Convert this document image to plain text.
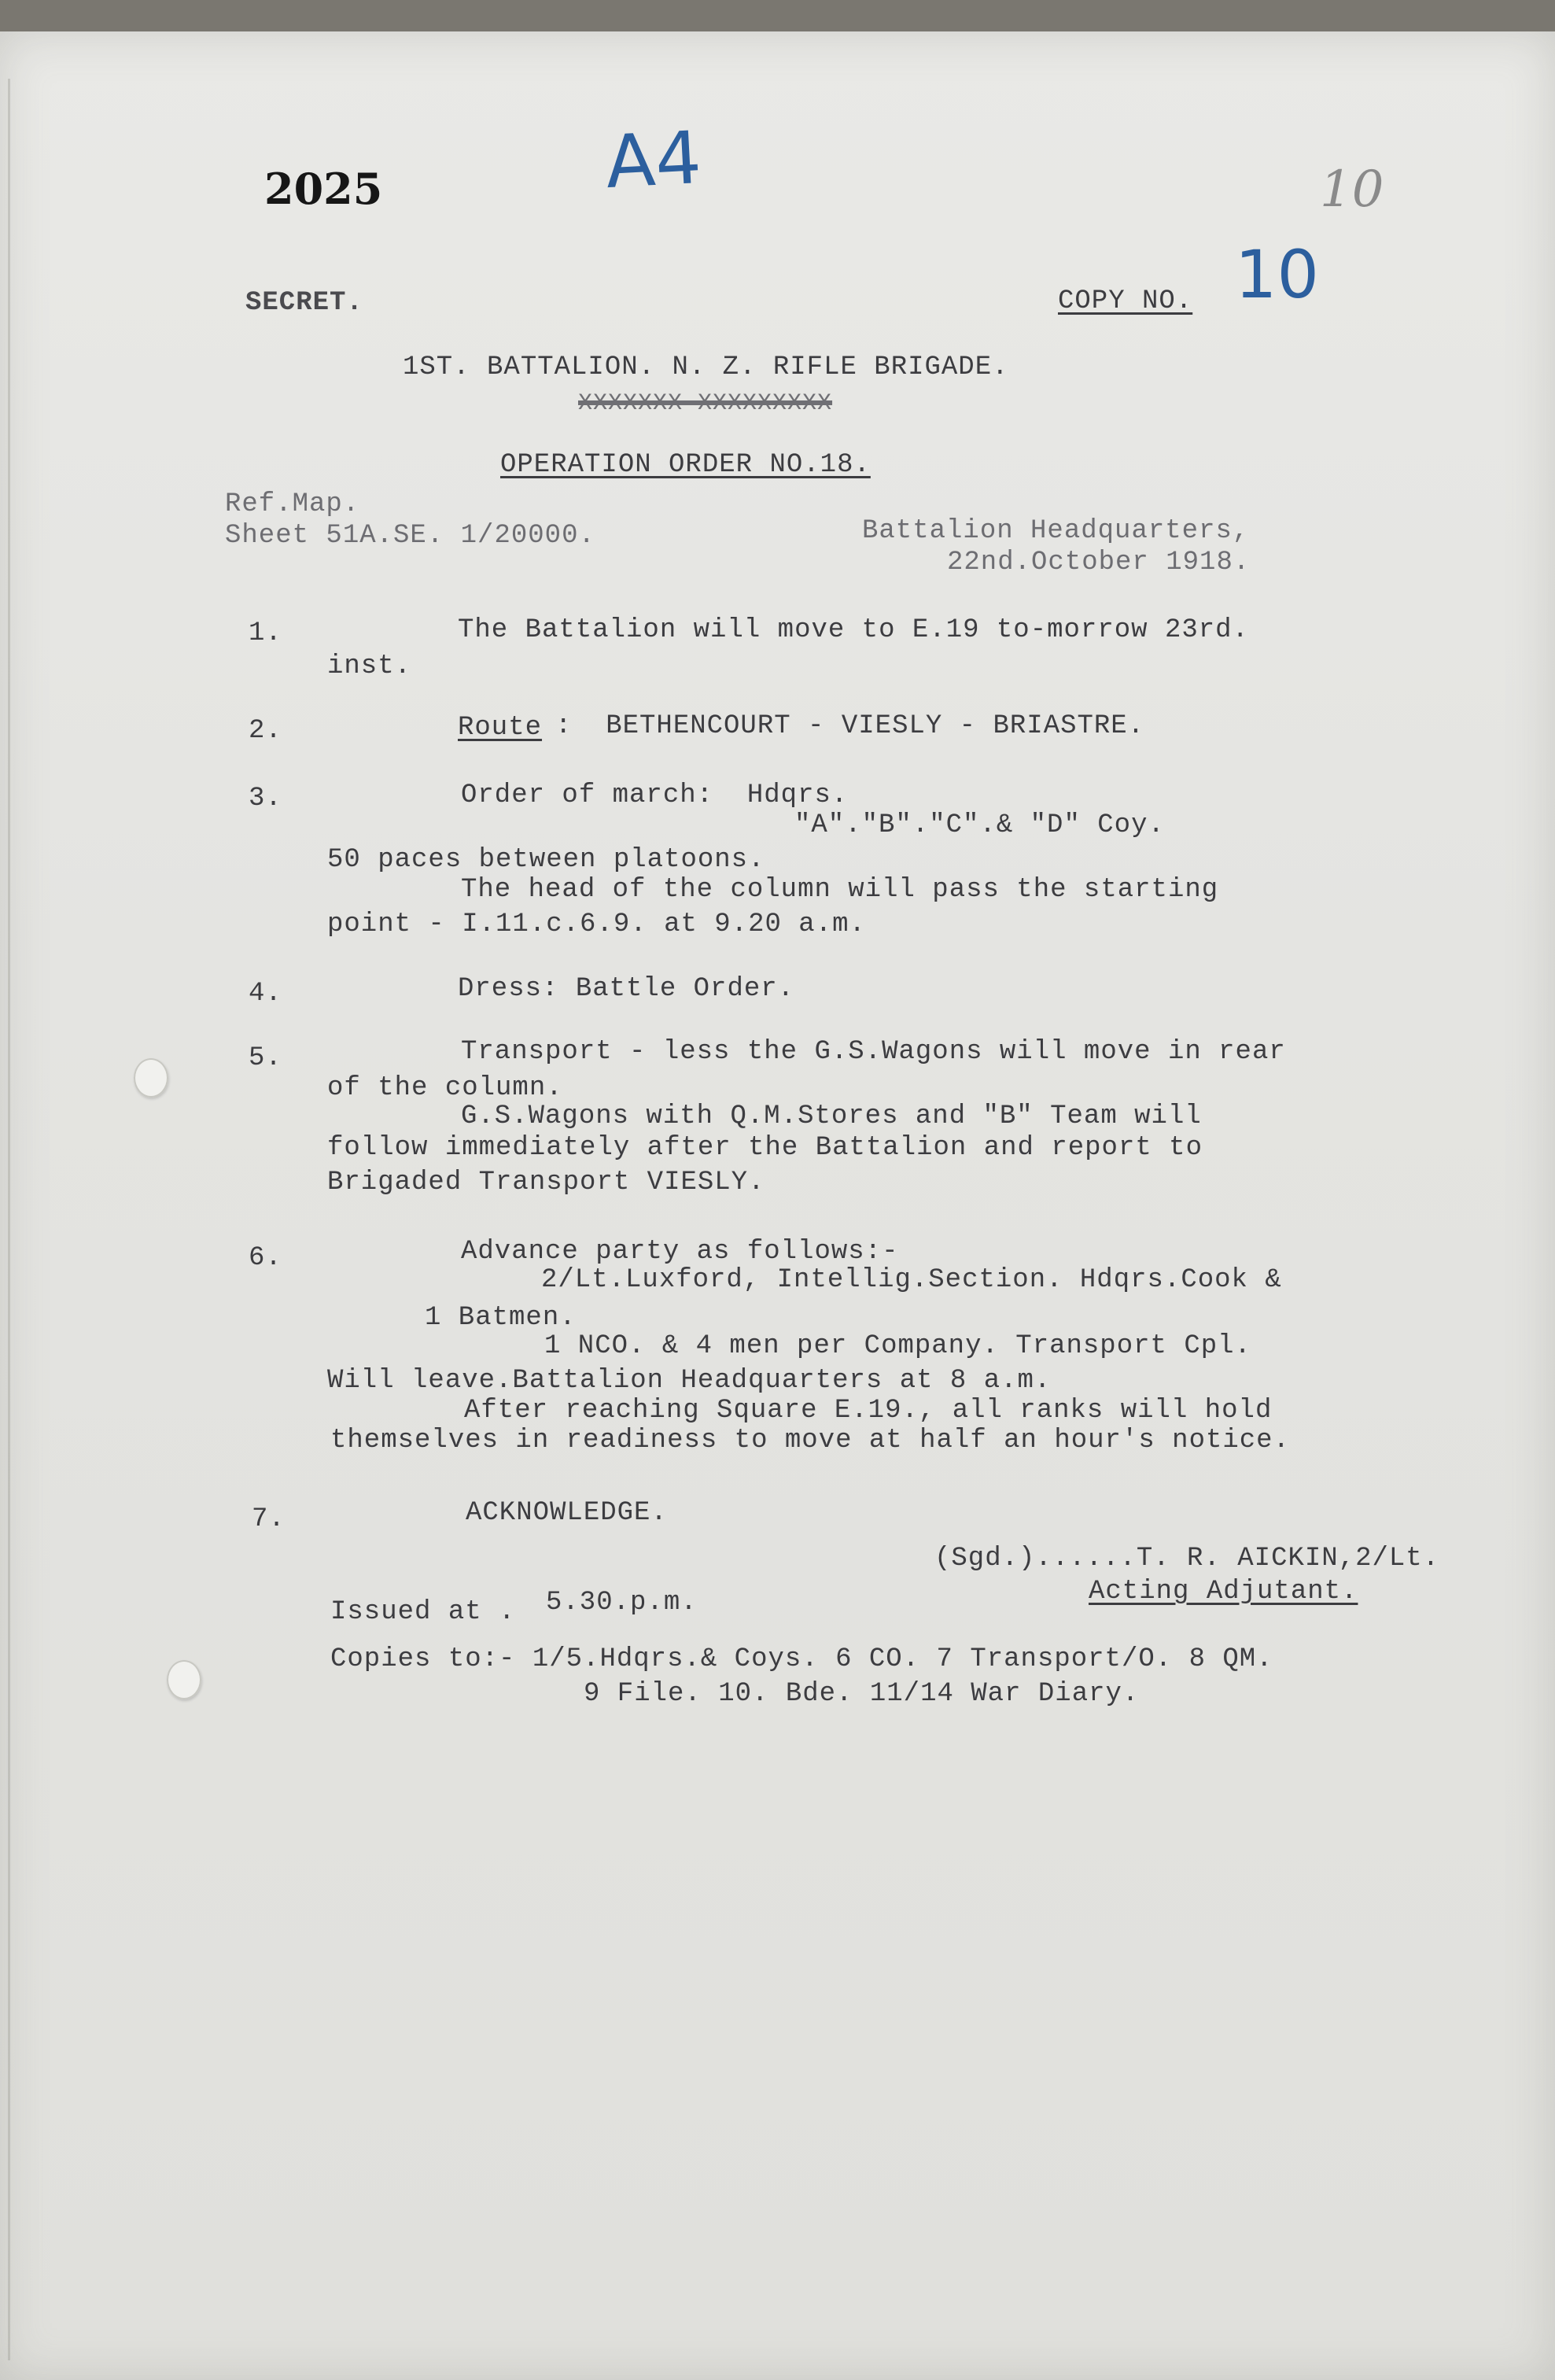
2025	A4	10
SECRET.	COPY NO. 10
1ST. BATTALION. N. Z. RIFLE BRIGADE.
XXXXXXX XXXXXXXXX
OPERATION ORDER NO.18.
Ref.Map.
Sheet 51A.SE. 1/20000.	Battalion Headquarters,
22nd.October 1918.
1.	The Battalion will move to E.19 to-morrow 23rd.
inst.
2.	Route :  BETHENCOURT - VIESLY - BRIASTRE.
3.	Order of march:  Hdqrs.
"A"."B"."C".& "D" Coy.
50 paces between platoons.
The head of the column will pass the starting
point - I.11.c.6.9. at 9.20 a.m.
4.	Dress: Battle Order.
5.	Transport - less the G.S.Wagons will move in rear
of the column.
G.S.Wagons with Q.M.Stores and "B" Team will
follow immediately after the Battalion and report to
Brigaded Transport VIESLY.
6.	Advance party as follows:-
2/Lt.Luxford, Intellig.Section. Hdqrs.Cook &
1 Batmen.
1 NCO. & 4 men per Company. Transport Cpl.
Will leave.Battalion Headquarters at 8 a.m.
After reaching Square E.19., all ranks will hold
themselves in readiness to move at half an hour's notice.
7.	ACKNOWLEDGE.
(Sgd.)......T. R. AICKIN,2/Lt.
Acting Adjutant.
Issued at . 5.30.p.m.
Copies to:- 1/5.Hdqrs.& Coys. 6 CO. 7 Transport/O. 8 QM.
9 File. 10. Bde. 11/14 War Diary.
